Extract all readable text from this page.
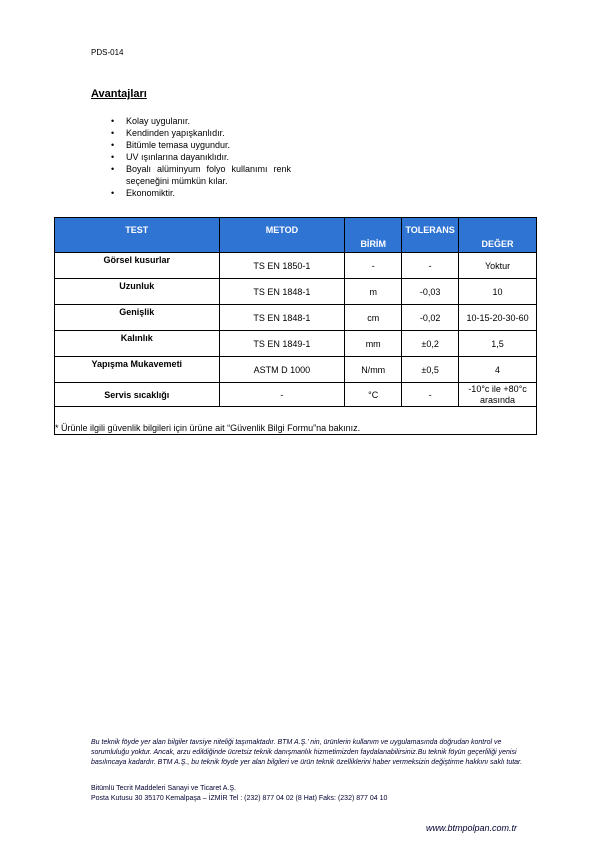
PDS-014
Avantajları
• Kolay uygulanır.
• Kendinden yapışkanlıdır.
• Bitümle temasa uygundur.
• UV ışınlarına dayanıklıdır.
• Boyalı alüminyum folyo kullanımı renk seçeneğini mümkün kılar.
• Ekonomiktir.
TEST	METOD	BİRİM	TOLERANS	DEĞER
Görsel kusurlar	TS EN 1850-1	-	-	Yoktur
Uzunluk	TS EN 1848-1	m	-0,03	10
Genişlik	TS EN 1848-1	cm	-0,02	10-15-20-30-60
Kalınlık	TS EN 1849-1	mm	±0,2	1,5
Yapışma Mukavemeti	ASTM D 1000	N/mm	±0,5	4
Servis sıcaklığı	-	°C	-	-10°c ile +80°c
arasında
* Ürünle ilgili güvenlik bilgileri için ürüne ait “Güvenlik Bilgi Formu”na bakınız.				
Bu teknik föyde yer alan bilgiler tavsiye niteliği taşımaktadır. BTM A.Ş.’ nin, ürünlerin kullanım ve uygulamasında doğrudan kontrol ve sorumluluğu yoktur. Ancak, arzu edildiğinde ücretsiz teknik danışmanlık hizmetimizden faydalanabilirsiniz.Bu teknik föyün geçerliliği yenisi basılıncaya kadardır. BTM A.Ş., bu teknik föyde yer alan bilgileri ve ürün teknik özelliklerini haber vermeksizin değiştirme hakkını saklı tutar.
Bitümlü Tecrit Maddeleri Sanayi ve Ticaret A.Ş.
Posta Kutusu 30 35170 Kemalpaşa – İZMİR Tel : (232) 877 04 02 (8 Hat) Faks: (232) 877 04 10
www.btmpolpan.com.tr
